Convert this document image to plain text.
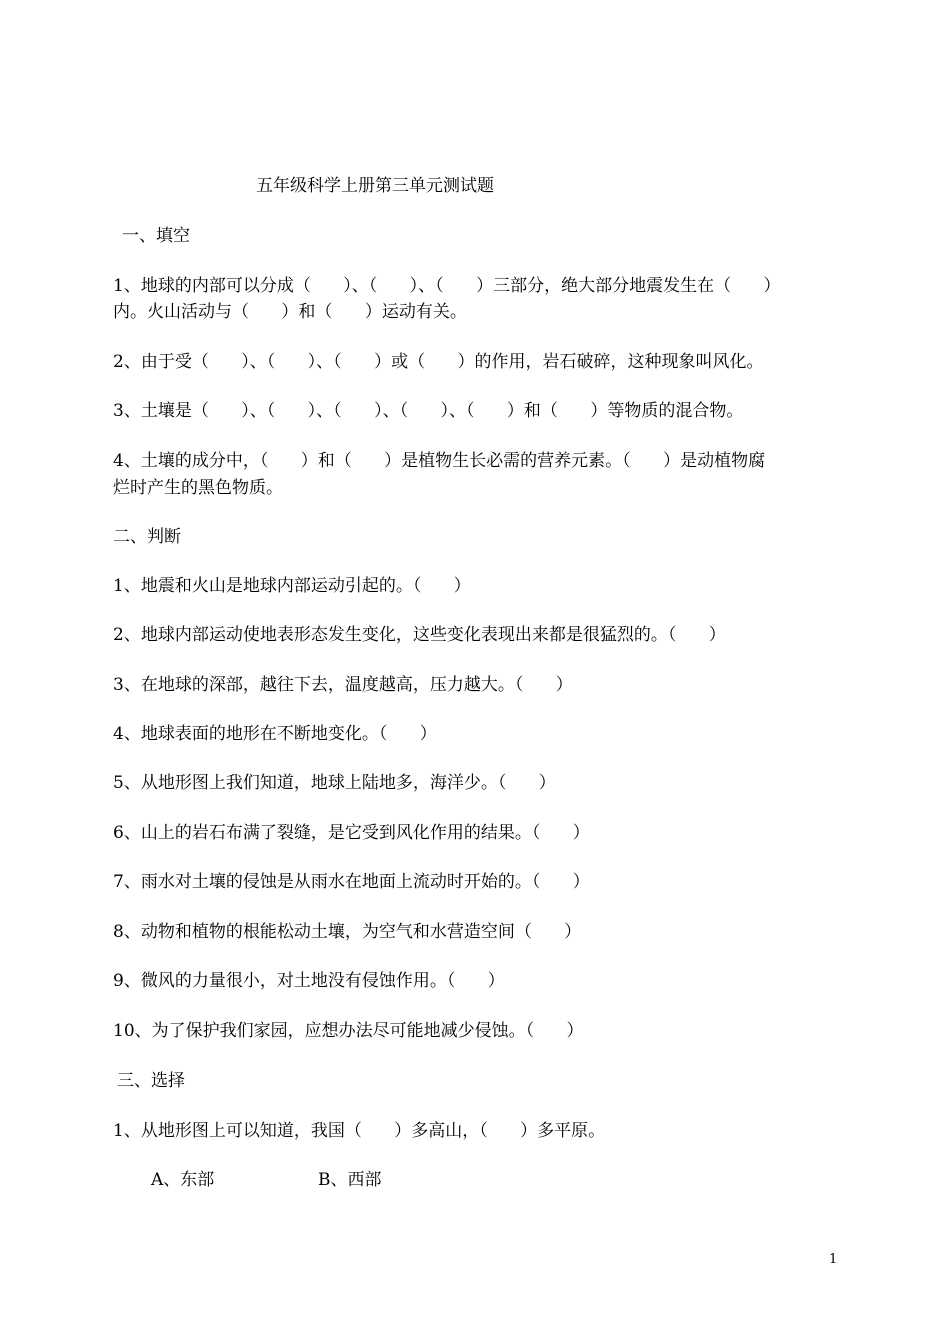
五年级科学上册第三单元测试题
一、填空
1、地球的内部可以分成（      ）、（      ）、（      ）三部分，绝大部分地震发生在（      ）
内。火山活动与（      ）和（      ）运动有关。
2、由于受（      ）、（      ）、（      ）或（      ）的作用，岩石破碎，这种现象叫风化。
3、土壤是（      ）、（      ）、（      ）、（      ）、（      ）和（      ）等物质的混合物。
4、土壤的成分中，（      ）和（      ）是植物生长必需的营养元素。（      ）是动植物腐
烂时产生的黑色物质。
二、判断
1、地震和火山是地球内部运动引起的。（      ）
2、地球内部运动使地表形态发生变化，这些变化表现出来都是很猛烈的。（      ）
3、在地球的深部，越往下去，温度越高，压力越大。（      ）
4、地球表面的地形在不断地变化。（      ）
5、从地形图上我们知道，地球上陆地多，海洋少。（      ）
6、山上的岩石布满了裂缝，是它受到风化作用的结果。（      ）
7、雨水对土壤的侵蚀是从雨水在地面上流动时开始的。（      ）
8、动物和植物的根能松动土壤，为空气和水营造空间（      ）
9、微风的力量很小，对土地没有侵蚀作用。（      ）
10、为了保护我们家园，应想办法尽可能地减少侵蚀。（      ）
三、选择
1、从地形图上可以知道，我国（      ）多高山，（      ）多平原。
A、东部	B、西部
1
